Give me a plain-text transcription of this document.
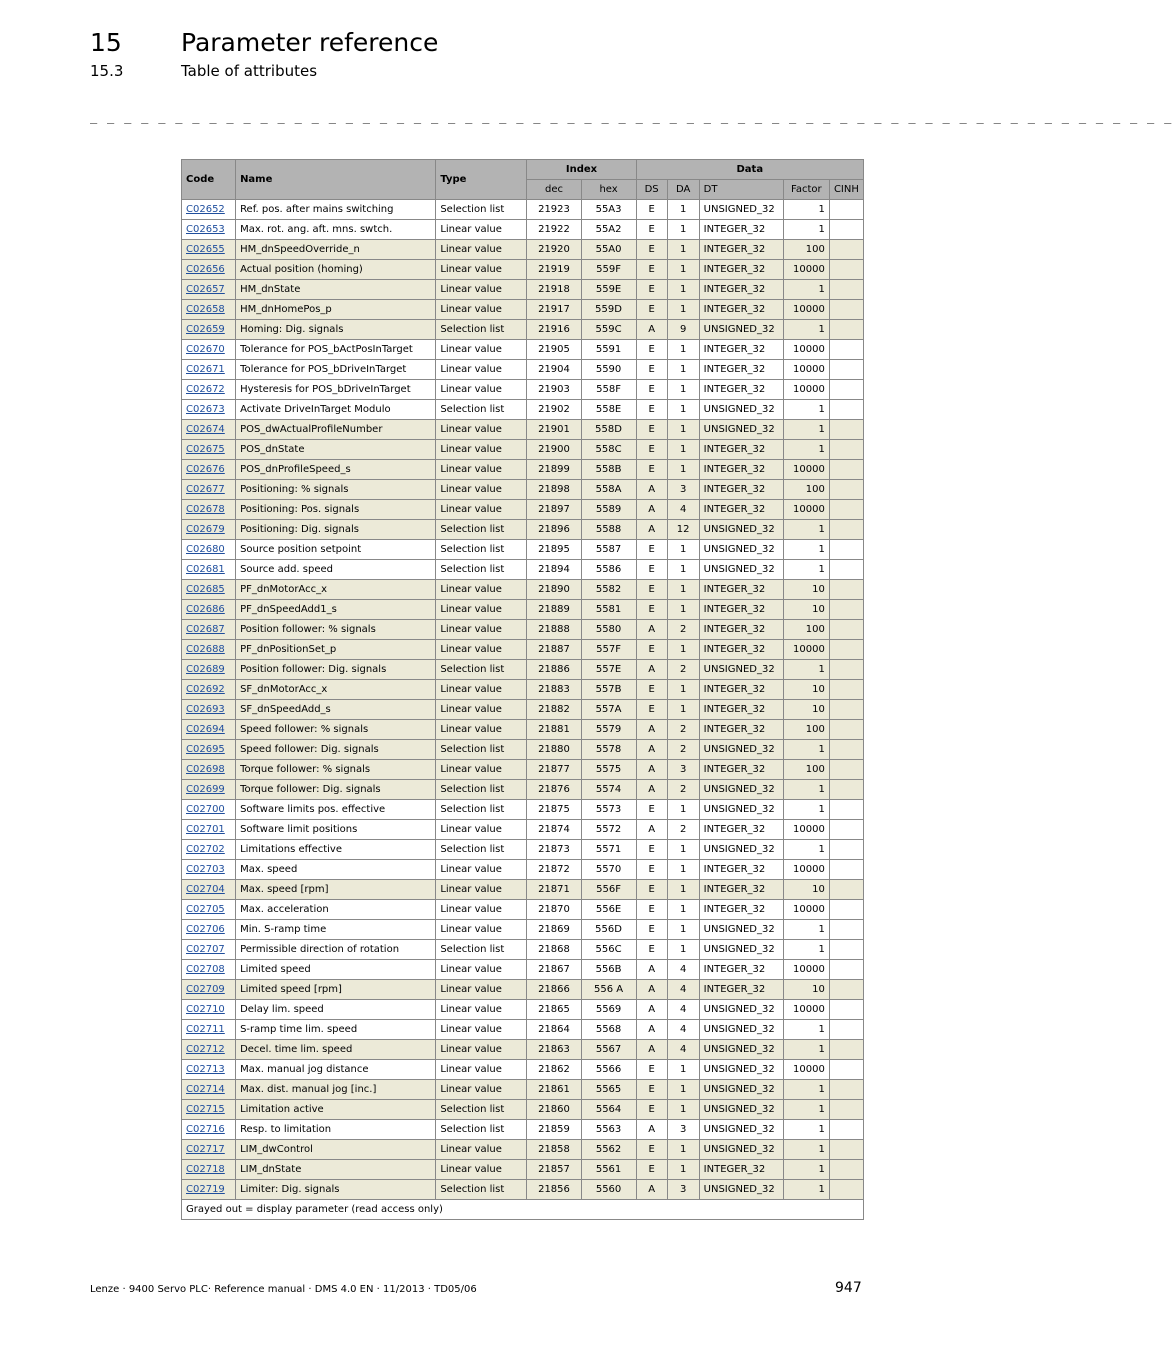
15 Parameter reference
15.3	Table of attributes
_ _ _ _ _ _ _ _ _ _ _ _ _ _ _ _ _ _ _ _ _ _ _ _ _ _ _ _ _ _ _ _ _ _ _ _ _ _ _ _ _ _ _ _ _ _ _ _ _ _ _ _ _ _ _ _ _ _ _ _ _ _ _ _
Code	Name	Type	Index		Data				
			dec	hex	DS	DA	DT	Factor	CINH
C02652	Ref. pos. after mains switching	Selection list	21923	55A3	E	1	UNSIGNED_32	1	
C02653	Max. rot. ang. aft. mns. swtch.	Linear value	21922	55A2	E	1	INTEGER_32	1	
C02655	HM_dnSpeedOverride_n	Linear value	21920	55A0	E	1	INTEGER_32	100	
C02656	Actual position (homing)	Linear value	21919	559F	E	1	INTEGER_32	10000	
C02657	HM_dnState	Linear value	21918	559E	E	1	INTEGER_32	1	
C02658	HM_dnHomePos_p	Linear value	21917	559D	E	1	INTEGER_32	10000	
C02659	Homing: Dig. signals	Selection list	21916	559C	A	9	UNSIGNED_32	1	
C02670	Tolerance for POS_bActPosInTarget	Linear value	21905	5591	E	1	INTEGER_32	10000	
C02671	Tolerance for POS_bDriveInTarget	Linear value	21904	5590	E	1	INTEGER_32	10000	
C02672	Hysteresis for POS_bDriveInTarget	Linear value	21903	558F	E	1	INTEGER_32	10000	
C02673	Activate DriveInTarget Modulo	Selection list	21902	558E	E	1	UNSIGNED_32	1	
C02674	POS_dwActualProfileNumber	Linear value	21901	558D	E	1	UNSIGNED_32	1	
C02675	POS_dnState	Linear value	21900	558C	E	1	INTEGER_32	1	
C02676	POS_dnProfileSpeed_s	Linear value	21899	558B	E	1	INTEGER_32	10000	
C02677	Positioning: % signals	Linear value	21898	558A	A	3	INTEGER_32	100	
C02678	Positioning: Pos. signals	Linear value	21897	5589	A	4	INTEGER_32	10000	
C02679	Positioning: Dig. signals	Selection list	21896	5588	A	12	UNSIGNED_32	1	
C02680	Source position setpoint	Selection list	21895	5587	E	1	UNSIGNED_32	1	
C02681	Source add. speed	Selection list	21894	5586	E	1	UNSIGNED_32	1	
C02685	PF_dnMotorAcc_x	Linear value	21890	5582	E	1	INTEGER_32	10	
C02686	PF_dnSpeedAdd1_s	Linear value	21889	5581	E	1	INTEGER_32	10	
C02687	Position follower: % signals	Linear value	21888	5580	A	2	INTEGER_32	100	
C02688	PF_dnPositionSet_p	Linear value	21887	557F	E	1	INTEGER_32	10000	
C02689	Position follower: Dig. signals	Selection list	21886	557E	A	2	UNSIGNED_32	1	
C02692	SF_dnMotorAcc_x	Linear value	21883	557B	E	1	INTEGER_32	10	
C02693	SF_dnSpeedAdd_s	Linear value	21882	557A	E	1	INTEGER_32	10	
C02694	Speed follower: % signals	Linear value	21881	5579	A	2	INTEGER_32	100	
C02695	Speed follower: Dig. signals	Selection list	21880	5578	A	2	UNSIGNED_32	1	
C02698	Torque follower: % signals	Linear value	21877	5575	A	3	INTEGER_32	100	
C02699	Torque follower: Dig. signals	Selection list	21876	5574	A	2	UNSIGNED_32	1	
C02700	Software limits pos. effective	Selection list	21875	5573	E	1	UNSIGNED_32	1	
C02701	Software limit positions	Linear value	21874	5572	A	2	INTEGER_32	10000	
C02702	Limitations effective	Selection list	21873	5571	E	1	UNSIGNED_32	1	
C02703	Max. speed	Linear value	21872	5570	E	1	INTEGER_32	10000	
C02704	Max. speed [rpm]	Linear value	21871	556F	E	1	INTEGER_32	10	
C02705	Max. acceleration	Linear value	21870	556E	E	1	INTEGER_32	10000	
C02706	Min. S-ramp time	Linear value	21869	556D	E	1	UNSIGNED_32	1	
C02707	Permissible direction of rotation	Selection list	21868	556C	E	1	UNSIGNED_32	1	
C02708	Limited speed	Linear value	21867	556B	A	4	INTEGER_32	10000	
C02709	Limited speed [rpm]	Linear value	21866	556 A	A	4	INTEGER_32	10	
C02710	Delay lim. speed	Linear value	21865	5569	A	4	UNSIGNED_32	10000	
C02711	S-ramp time lim. speed	Linear value	21864	5568	A	4	UNSIGNED_32	1	
C02712	Decel. time lim. speed	Linear value	21863	5567	A	4	UNSIGNED_32	1	
C02713	Max. manual jog distance	Linear value	21862	5566	E	1	UNSIGNED_32	10000	
C02714	Max. dist. manual jog [inc.]	Linear value	21861	5565	E	1	UNSIGNED_32	1	
C02715	Limitation active	Selection list	21860	5564	E	1	UNSIGNED_32	1	
C02716	Resp. to limitation	Selection list	21859	5563	A	3	UNSIGNED_32	1	
C02717	LIM_dwControl	Linear value	21858	5562	E	1	UNSIGNED_32	1	
C02718	LIM_dnState	Linear value	21857	5561	E	1	INTEGER_32	1	
C02719	Limiter: Dig. signals	Selection list	21856	5560	A	3	UNSIGNED_32	1	
Grayed out = display parameter (read access only)									
Lenze · 9400 Servo PLC· Reference manual · DMS 4.0 EN · 11/2013 · TD05/06	947
